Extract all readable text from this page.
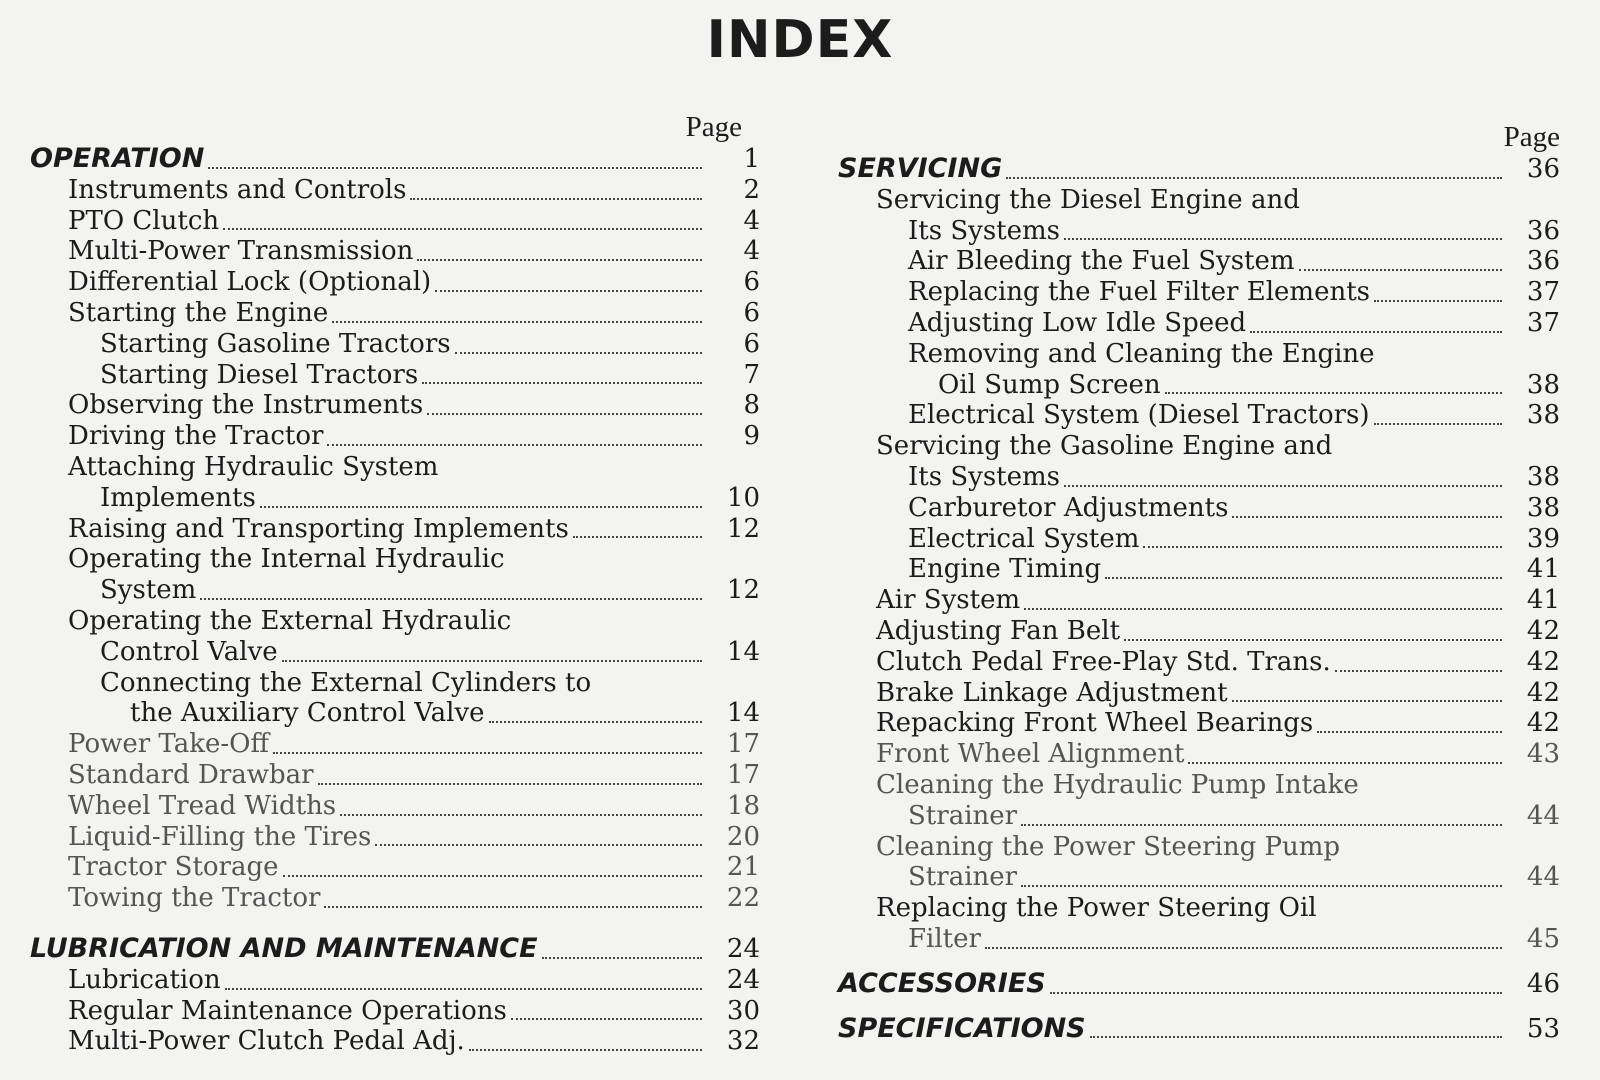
INDEX
Page
OPERATION	1
Instruments and Controls	2
PTO Clutch	4
Multi-Power Transmission	4
Differential Lock (Optional)	6
Starting the Engine	6
Starting Gasoline Tractors	6
Starting Diesel Tractors	7
Observing the Instruments	8
Driving the Tractor	9
Attaching Hydraulic System
Implements	10
Raising and Transporting Implements	12
Operating the Internal Hydraulic
System	12
Operating the External Hydraulic
Control Valve	14
Connecting the External Cylinders to
the Auxiliary Control Valve	14
Power Take-Off	17
Standard Drawbar	17
Wheel Tread Widths	18
Liquid-Filling the Tires	20
Tractor Storage	21
Towing the Tractor	22
LUBRICATION AND MAINTENANCE	24
Lubrication	24
Regular Maintenance Operations	30
Multi-Power Clutch Pedal Adj.	32
Page
SERVICING	36
Servicing the Diesel Engine and
Its Systems	36
Air Bleeding the Fuel System	36
Replacing the Fuel Filter Elements	37
Adjusting Low Idle Speed	37
Removing and Cleaning the Engine
Oil Sump Screen	38
Electrical System (Diesel Tractors)	38
Servicing the Gasoline Engine and
Its Systems	38
Carburetor Adjustments	38
Electrical System	39
Engine Timing	41
Air System	41
Adjusting Fan Belt	42
Clutch Pedal Free-Play Std. Trans.	42
Brake Linkage Adjustment	42
Repacking Front Wheel Bearings	42
Front Wheel Alignment	43
Cleaning the Hydraulic Pump Intake
Strainer	44
Cleaning the Power Steering Pump
Strainer	44
Replacing the Power Steering Oil
Filter	45
ACCESSORIES	46
SPECIFICATIONS	53
